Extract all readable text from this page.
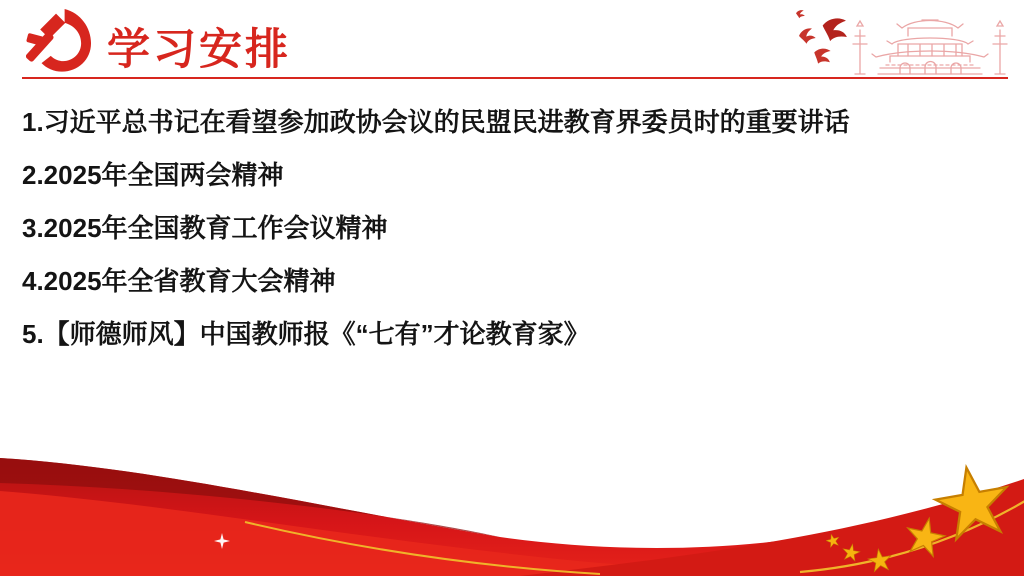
学习安排
1.习近平总书记在看望参加政协会议的民盟民进教育界委员时的重要讲话
2.2025年全国两会精神
3.2025年全国教育工作会议精神
4.2025年全省教育大会精神
5.【师德师风】中国教师报《“七有”才论教育家》
